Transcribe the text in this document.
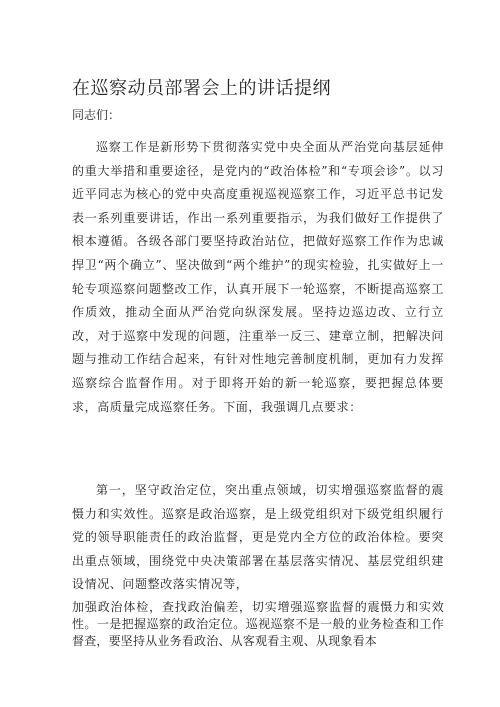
在巡察动员部署会上的讲话提纲

同志们：

巡察工作是新形势下贯彻落实党中央全面从严治党向基层延伸的重大举措和重要途径，是党内的“政治体检”和“专项会诊”。以习近平同志为核心的党中央高度重视巡视巡察工作，习近平总书记发表一系列重要讲话，作出一系列重要指示，为我们做好工作提供了根本遵循。各级各部门要坚持政治站位，把做好巡察工作作为忠诚捍卫“两个确立”、坚决做到“两个维护”的现实检验，扎实做好上一轮专项巡察问题整改工作，认真开展下一轮巡察，不断提高巡察工作质效，推动全面从严治党向纵深发展。坚持边巡边改、立行立改，对于巡察中发现的问题，注重举一反三、建章立制，把解决问题与推动工作结合起来，有针对性地完善制度机制，更加有力发挥巡察综合监督作用。对于即将开始的新一轮巡察，要把握总体要求，高质量完成巡察任务。下面，我强调几点要求：

第一，坚守政治定位，突出重点领域，切实增强巡察监督的震慑力和实效性。巡察是政治巡察，是上级党组织对下级党组织履行党的领导职能责任的政治监督，更是党内全方位的政治体检。要突出重点领域，围绕党中央决策部署在基层落实情况、基层党组织建设情况、问题整改落实情况等，

加强政治体检，查找政治偏差，切实增强巡察监督的震慑力和实效性。一是把握巡察的政治定位。巡视巡察不是一般的业务检查和工作督查，要坚持从业务看政治、从客观看主观、从现象看本
